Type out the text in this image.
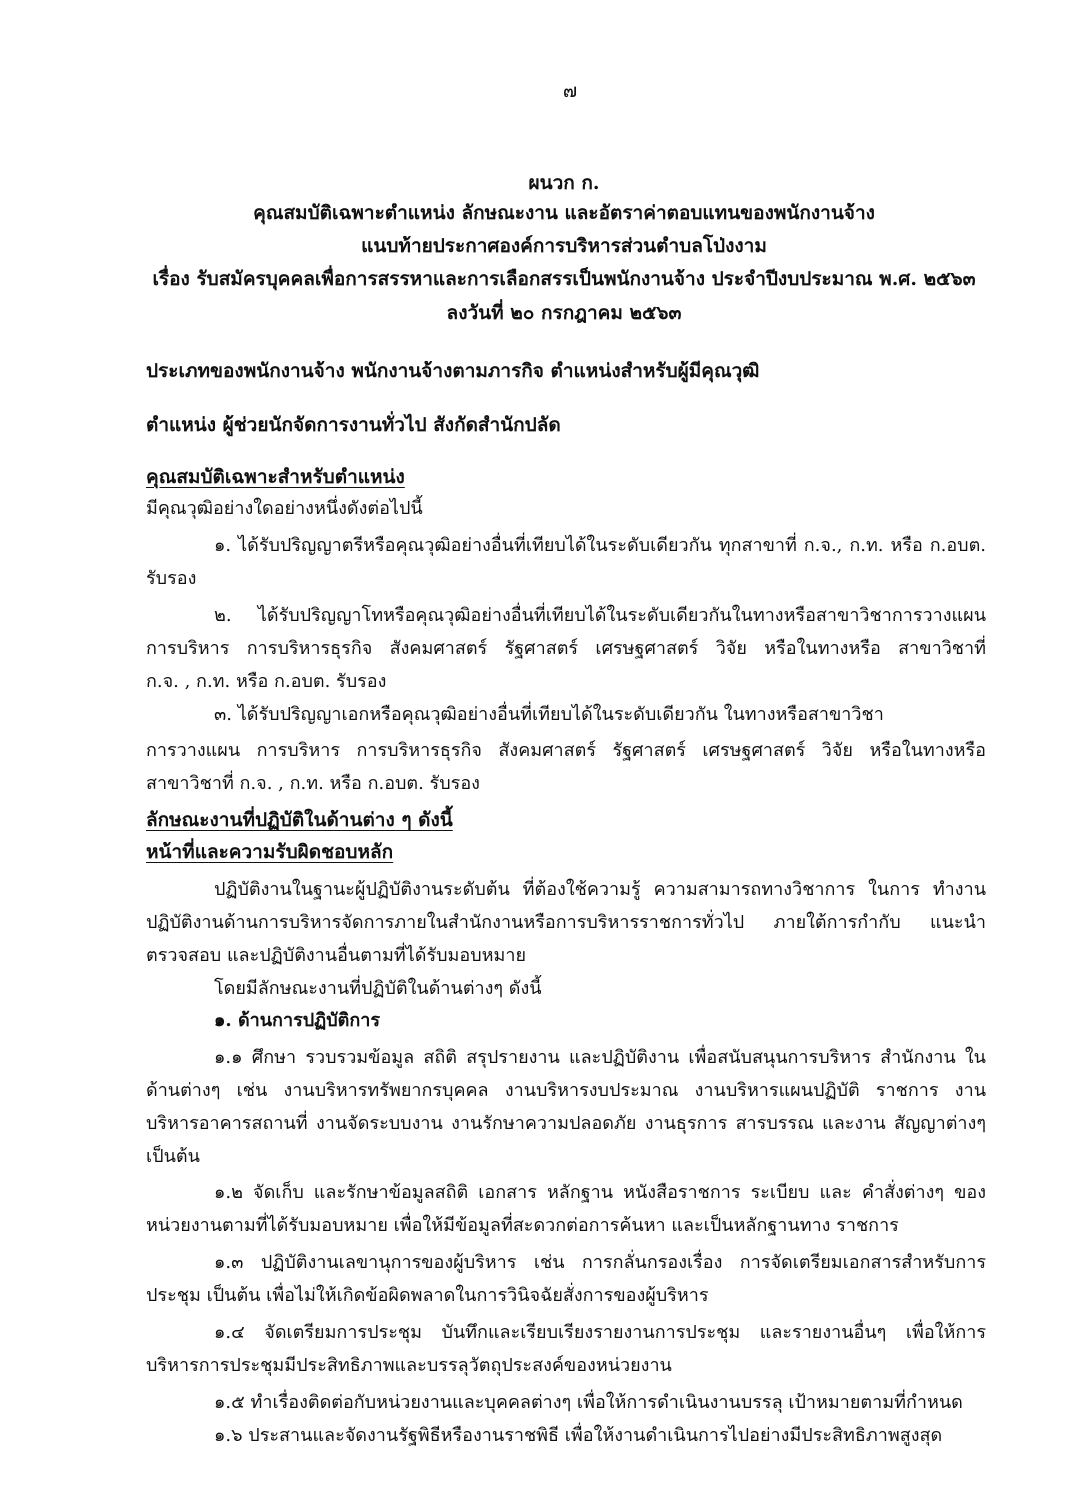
๗
ผนวก ก.
คุณสมบัติเฉพาะตำแหน่ง ลักษณะงาน และอัตราค่าตอบแทนของพนักงานจ้าง
แนบท้ายประกาศองค์การบริหารส่วนตำบลโป่งงาม
เรื่อง รับสมัครบุคคลเพื่อการสรรหาและการเลือกสรรเป็นพนักงานจ้าง ประจำปีงบประมาณ พ.ศ. ๒๕๖๓
ลงวันที่ ๒๐ กรกฎาคม ๒๕๖๓
ประเภทของพนักงานจ้าง พนักงานจ้างตามภารกิจ ตำแหน่งสำหรับผู้มีคุณวุฒิ
ตำแหน่ง ผู้ช่วยนักจัดการงานทั่วไป สังกัดสำนักปลัด
คุณสมบัติเฉพาะสำหรับตำแหน่ง
มีคุณวุฒิอย่างใดอย่างหนึ่งดังต่อไปนี้
๑. ได้รับปริญญาตรีหรือคุณวุฒิอย่างอื่นที่เทียบได้ในระดับเดียวกัน ทุกสาขาที่ ก.จ., ก.ท. หรือ ก.อบต.
รับรอง
๒. ได้รับปริญญาโทหรือคุณวุฒิอย่างอื่นที่เทียบได้ในระดับเดียวกันในทางหรือสาขาวิชาการวางแผน
การบริหาร การบริหารธุรกิจ สังคมศาสตร์ รัฐศาสตร์ เศรษฐศาสตร์ วิจัย หรือในทางหรือ สาขาวิชาที่
ก.จ. , ก.ท. หรือ ก.อบต. รับรอง
๓. ได้รับปริญญาเอกหรือคุณวุฒิอย่างอื่นที่เทียบได้ในระดับเดียวกัน ในทางหรือสาขาวิชา
การวางแผน การบริหาร การบริหารธุรกิจ สังคมศาสตร์ รัฐศาสตร์ เศรษฐศาสตร์ วิจัย หรือในทางหรือ
สาขาวิชาที่ ก.จ. , ก.ท. หรือ ก.อบต. รับรอง
ลักษณะงานที่ปฏิบัติในด้านต่าง ๆ ดังนี้
หน้าที่และความรับผิดชอบหลัก
ปฏิบัติงานในฐานะผู้ปฏิบัติงานระดับต้น ที่ต้องใช้ความรู้ ความสามารถทางวิชาการ ในการ ทำงาน
ปฏิบัติงานด้านการบริหารจัดการภายในสำนักงานหรือการบริหารราชการทั่วไป ภายใต้การกำกับ แนะนำ
ตรวจสอบ และปฏิบัติงานอื่นตามที่ได้รับมอบหมาย
โดยมีลักษณะงานที่ปฏิบัติในด้านต่างๆ ดังนี้
๑. ด้านการปฏิบัติการ
๑.๑ ศึกษา รวบรวมข้อมูล สถิติ สรุปรายงาน และปฏิบัติงาน เพื่อสนับสนุนการบริหาร สำนักงาน ใน
ด้านต่างๆ เช่น งานบริหารทรัพยากรบุคคล งานบริหารงบประมาณ งานบริหารแผนปฏิบัติ ราชการ งาน
บริหารอาคารสถานที่ งานจัดระบบงาน งานรักษาความปลอดภัย งานธุรการ สารบรรณ และงาน สัญญาต่างๆ
เป็นต้น
๑.๒ จัดเก็บ และรักษาข้อมูลสถิติ เอกสาร หลักฐาน หนังสือราชการ ระเบียบ และ คำสั่งต่างๆ ของ
หน่วยงานตามที่ได้รับมอบหมาย เพื่อให้มีข้อมูลที่สะดวกต่อการค้นหา และเป็นหลักฐานทาง ราชการ
๑.๓ ปฏิบัติงานเลขานุการของผู้บริหาร เช่น การกลั่นกรองเรื่อง การจัดเตรียมเอกสารสำหรับการ
ประชุม เป็นต้น เพื่อไม่ให้เกิดข้อผิดพลาดในการวินิจฉัยสั่งการของผู้บริหาร
๑.๔ จัดเตรียมการประชุม บันทึกและเรียบเรียงรายงานการประชุม และรายงานอื่นๆ เพื่อให้การ
บริหารการประชุมมีประสิทธิภาพและบรรลุวัตถุประสงค์ของหน่วยงาน
๑.๕ ทำเรื่องติดต่อกับหน่วยงานและบุคคลต่างๆ เพื่อให้การดำเนินงานบรรลุ เป้าหมายตามที่กำหนด
๑.๖ ประสานและจัดงานรัฐพิธีหรืองานราชพิธี เพื่อให้งานดำเนินการไปอย่างมีประสิทธิภาพสูงสุด
